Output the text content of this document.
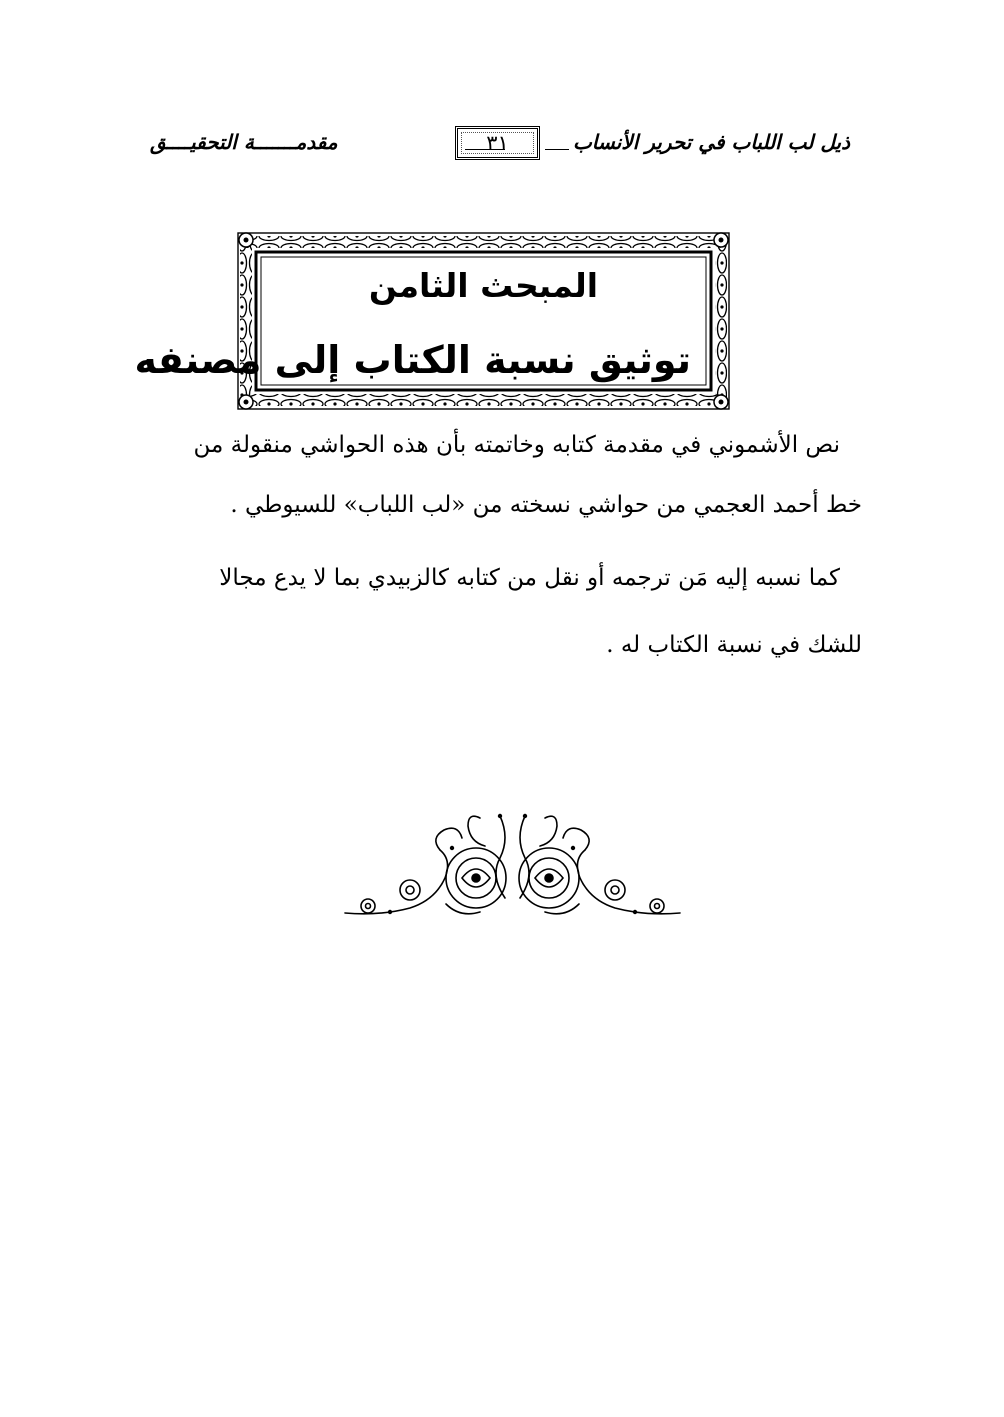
ذيل لب اللباب في تحرير الأنساب
٣١
مقدمـــــــة التحقيــــق
المبحث الثامن
توثيق نسبة الكتاب إلى مصنفه
نص الأشموني في مقدمة كتابه وخاتمته بأن هذه الحواشي منقولة من
خط أحمد العجمي من حواشي نسخته من «لب اللباب» للسيوطي .
كما نسبه إليه مَن ترجمه أو نقل من كتابه كالزبيدي بما لا يدع مجالا
للشك في نسبة الكتاب له .
